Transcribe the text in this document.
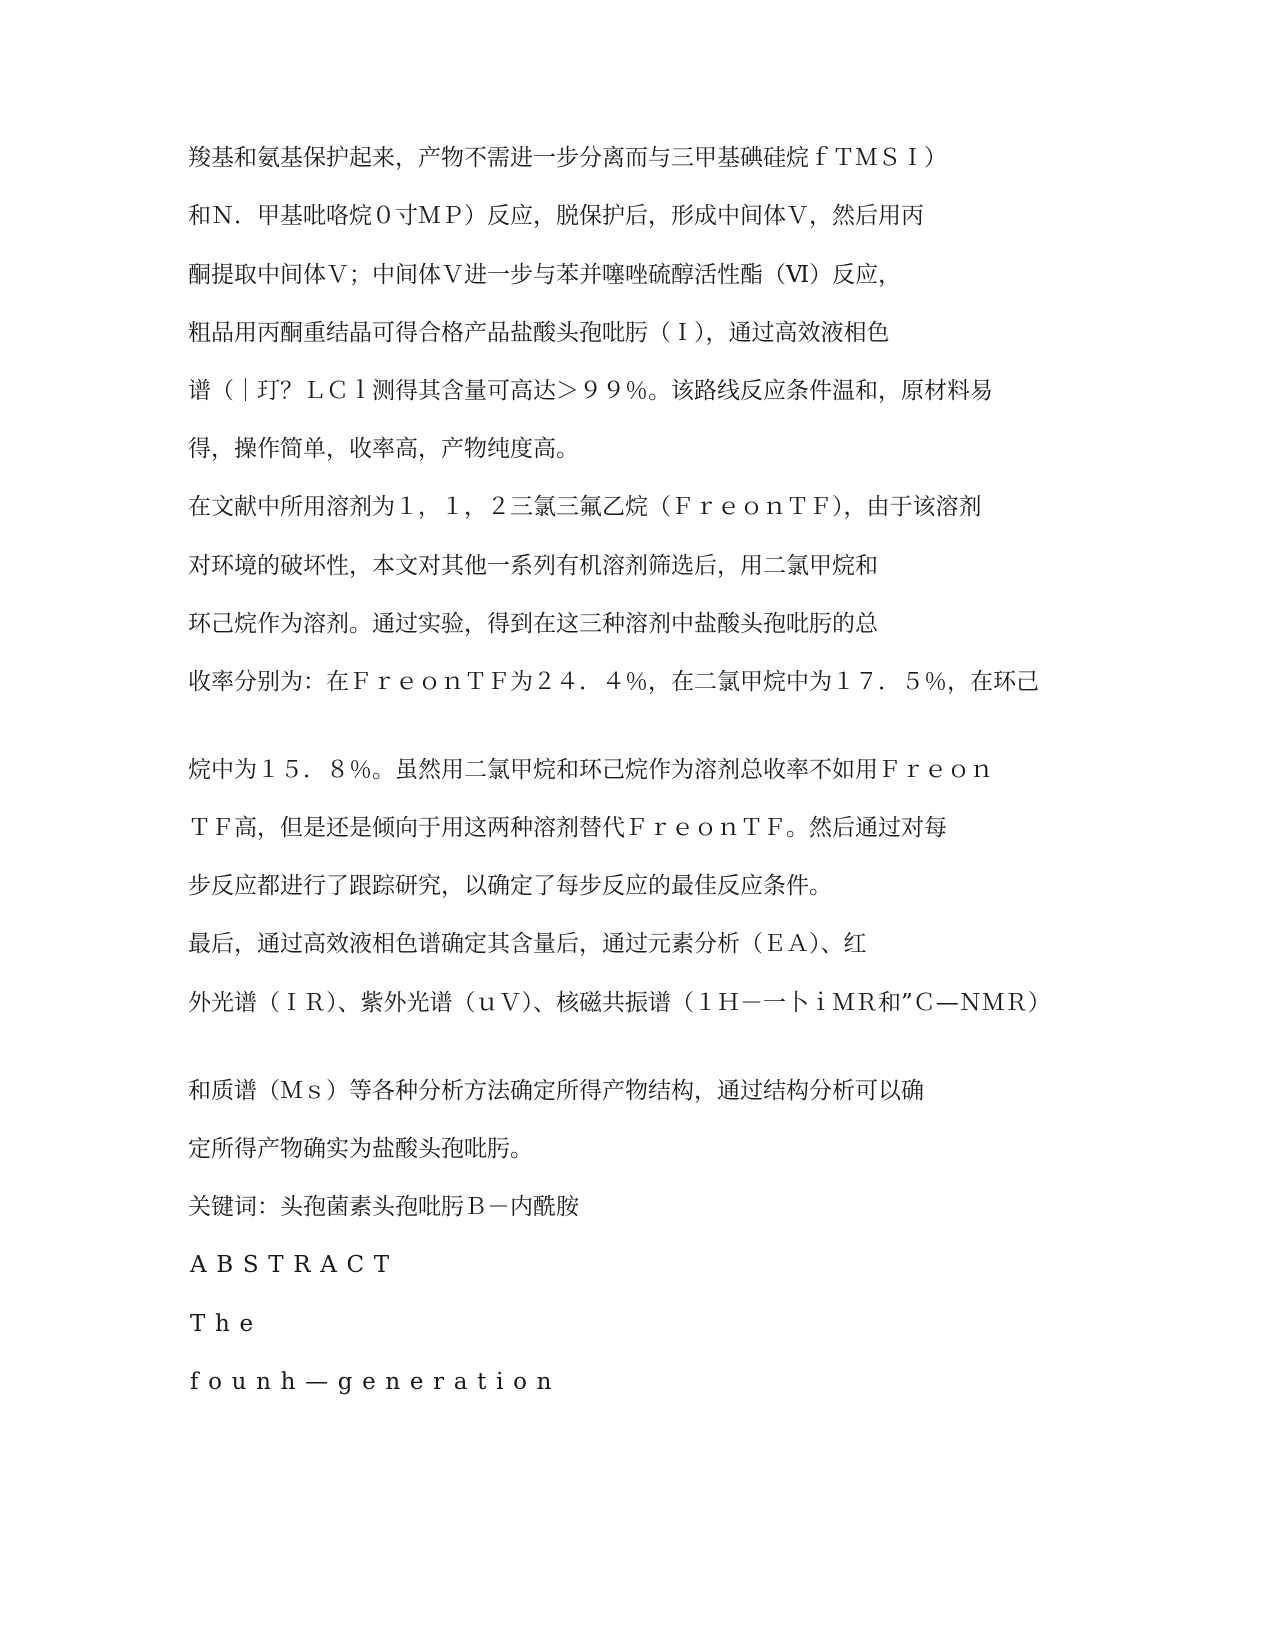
羧基和氨基保护起来，产物不需进一步分离而与三甲基碘硅烷ｆＴＭＳＩ）
和Ｎ．甲基吡咯烷０寸ＭＰ）反应，脱保护后，形成中间体Ｖ，然后用丙
酮提取中间体Ｖ；中间体Ｖ进一步与苯并噻唑硫醇活性酯（Ⅵ）反应，
粗品用丙酮重结晶可得合格产品盐酸头孢吡肟（Ｉ），通过高效液相色
谱（｜玎？ＬＣｌ测得其含量可高达＞９９％。该路线反应条件温和，原材料易
得，操作简单，收率高，产物纯度高。
在文献中所用溶剂为１，１，２三氯三氟乙烷（ＦｒｅｏｎＴＦ），由于该溶剂
对环境的破坏性，本文对其他一系列有机溶剂筛选后，用二氯甲烷和
环己烷作为溶剂。通过实验，得到在这三种溶剂中盐酸头孢吡肟的总
收率分别为：在ＦｒｅｏｎＴＦ为２４．４％，在二氯甲烷中为１７．５％，在环己
烷中为１５．８％。虽然用二氯甲烷和环己烷作为溶剂总收率不如用Ｆｒｅｏｎ
ＴＦ高，但是还是倾向于用这两种溶剂替代ＦｒｅｏｎＴＦ。然后通过对每
步反应都进行了跟踪研究，以确定了每步反应的最佳反应条件。
最后，通过高效液相色谱确定其含量后，通过元素分析（ＥＡ）、红
外光谱（ＩＲ）、紫外光谱（ｕＶ）、核磁共振谱（１Ｈ－一卜ｉＭＲ和”Ｃ—ＮＭＲ）
和质谱（Ｍｓ）等各种分析方法确定所得产物结构，通过结构分析可以确
定所得产物确实为盐酸头孢吡肟。
关键词：头孢菌素头孢吡肟Ｂ－内酰胺
ABSTRACT
The
founh—generation
